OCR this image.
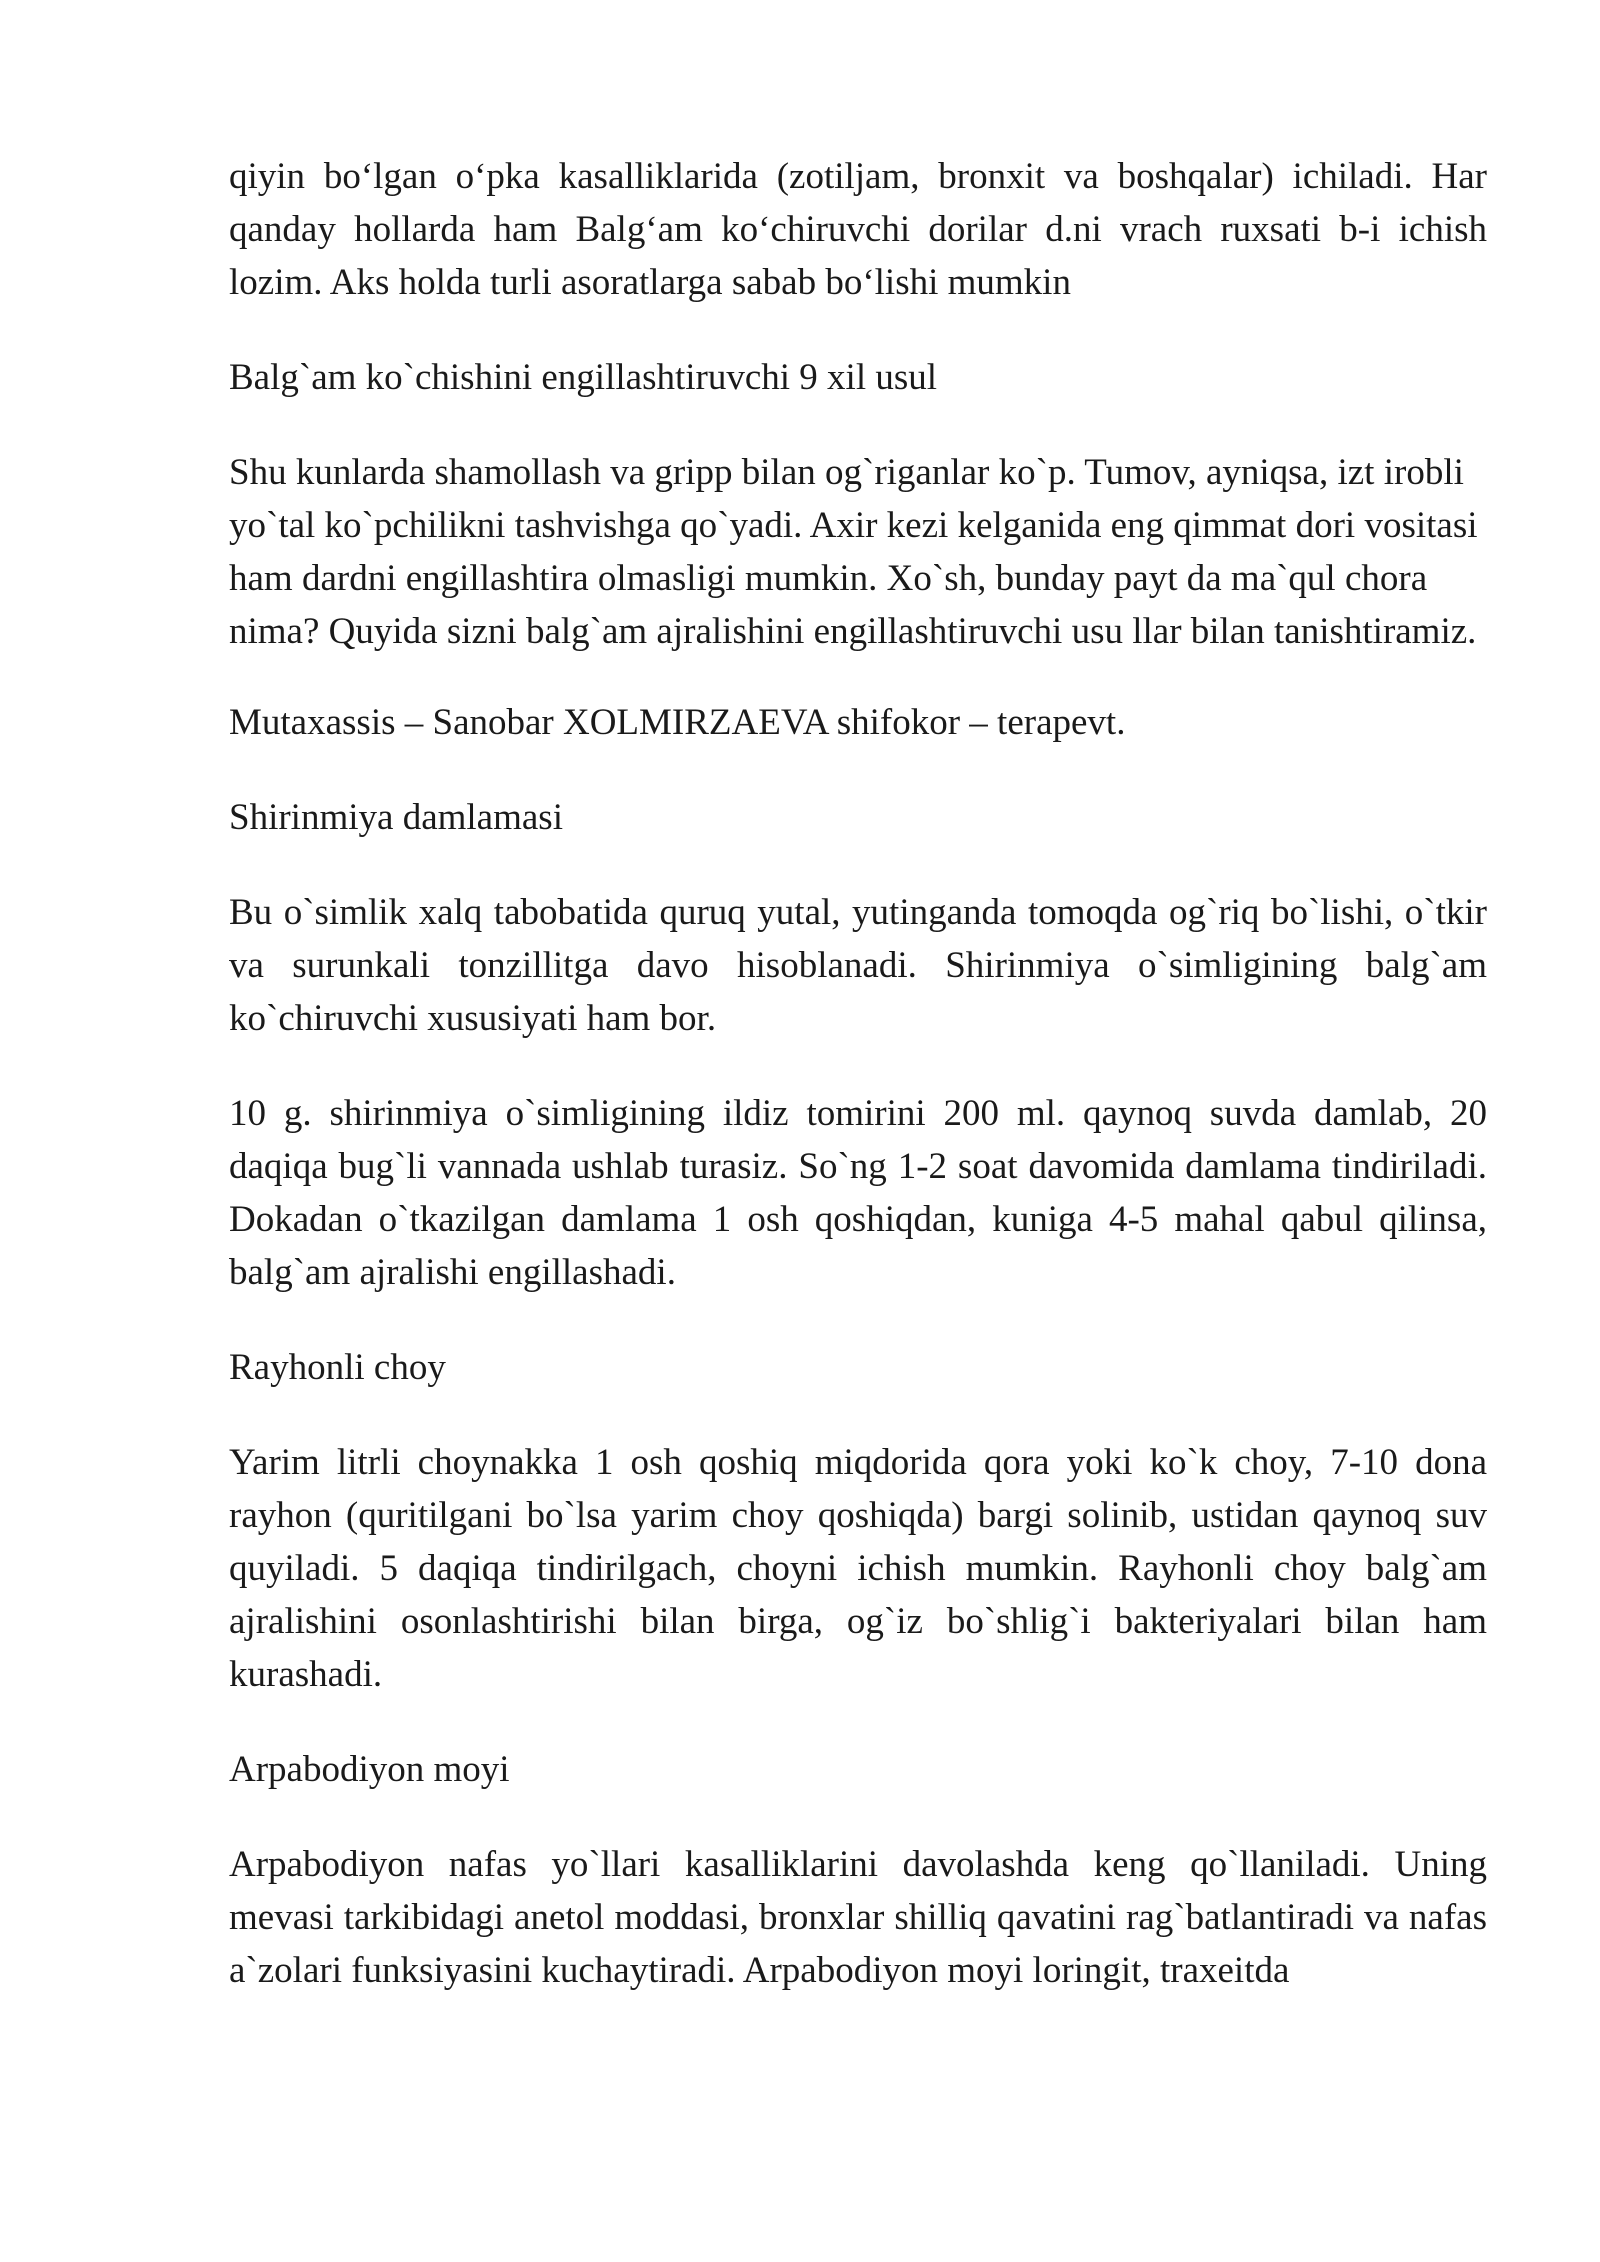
qiyin bo‘lgan o‘pka kasalliklarida (zotiljam, bronxit va boshqalar) ichiladi. Har qanday hollarda ham Balg‘am ko‘chiruvchi dorilar d.ni vrach ruxsati b-i ichish lozim. Aks holda turli asoratlarga sabab bo‘lishi mumkin

Balg`am ko`chishini engillashtiruvchi 9 xil usul

Shu kunlarda shamollash va gripp bilan og`riganlar ko`p. Tumov, ayniqsa, izt irobli yo`tal ko`pchilikni tashvishga qo`yadi. Axir kezi kelganida eng qimmat dori vositasi ham dardni engillashtira olmasligi mumkin. Xo`sh, bunday payt da ma`qul chora nima? Quyida sizni balg`am ajralishini engillashtiruvchi usu llar bilan tanishtiramiz.

Mutaxassis – Sanobar XOLMIRZAEVA shifokor – terapevt.

Shirinmiya damlamasi

Bu o`simlik xalq tabobatida quruq yutal, yutinganda tomoqda og`riq bo`lishi, o`tkir va surunkali tonzillitga davo hisoblanadi. Shirinmiya o`simligining balg`am ko`chiruvchi xususiyati ham bor.

10 g. shirinmiya o`simligining ildiz tomirini 200 ml. qaynoq suvda damlab, 20 daqiqa bug`li vannada ushlab turasiz. So`ng 1-2 soat davomida damlama tindiriladi. Dokadan o`tkazilgan damlama 1 osh qoshiqdan, kuniga 4-5 mahal qabul qilinsa, balg`am ajralishi engillashadi.

Rayhonli choy

Yarim litrli choynakka 1 osh qoshiq miqdorida qora yoki ko`k choy, 7-10 dona rayhon (quritilgani bo`lsa yarim choy qoshiqda) bargi solinib, ustidan qaynoq suv quyiladi. 5 daqiqa tindirilgach, choyni ichish mumkin. Rayhonli choy balg`am ajralishini osonlashtirishi bilan birga, og`iz bo`shlig`i bakteriyalari bilan ham kurashadi.

Arpabodiyon moyi

Arpabodiyon nafas yo`llari kasalliklarini davolashda keng qo`llaniladi. Uning mevasi tarkibidagi anetol moddasi, bronxlar shilliq qavatini rag`batlantiradi va nafas a`zolari funksiyasini kuchaytiradi. Arpabodiyon moyi loringit, traxeitda
